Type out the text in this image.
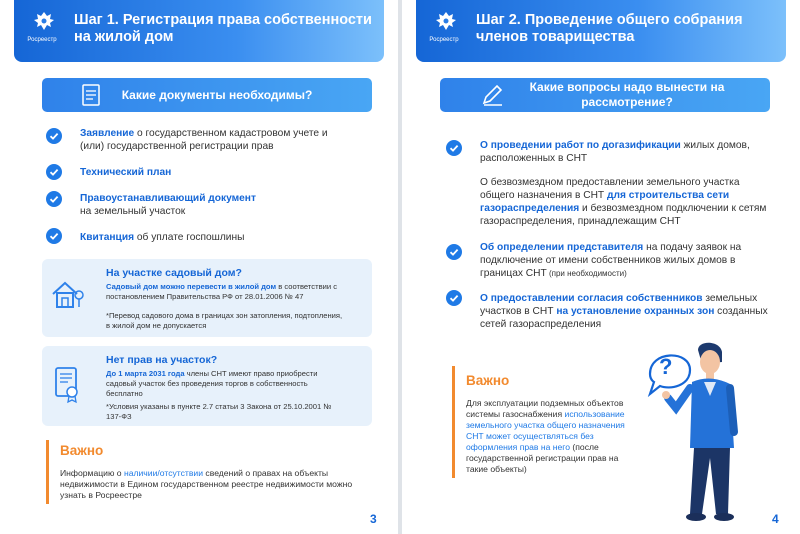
Росреестр
Шаг 1. Регистрация права собственности на жилой дом
Какие документы необходимы?
Заявление о государственном кадастровом учете и (или) государственной регистрации прав
Технический план
Правоустанавливающий документ
на земельный участок
Квитанция об уплате госпошлины
На участке садовый дом?
Садовый дом можно перевести в жилой дом в соответствии с постановлением Правительства РФ от 28.01.2006 № 47
*Перевод садового дома в границах зон затопления, подтопления, в жилой дом не допускается
Нет прав на участок?
До 1 марта 2031 года члены СНТ имеют право приобрести садовый участок без проведения торгов в собственность бесплатно
*Условия указаны в пункте 2.7 статьи 3 Закона от 25.10.2001 № 137-ФЗ
Важно
Информацию о наличии/отсутствии сведений о правах на объекты недвижимости в Едином государственном реестре недвижимости можно узнать в Росреестре
3
Росреестр
Шаг 2. Проведение общего собрания членов товарищества
Какие вопросы надо вынести на рассмотрение?
О проведении работ по догазификации жилых домов, расположенных в СНТ
О безвозмездном предоставлении земельного участка общего назначения в СНТ для строительства сети газораспределения и безвозмездном подключении к сетям газораспределения, принадлежащим СНТ
Об определении представителя на подачу заявок на подключение от имени собственников жилых домов в границах СНТ (при необходимости)
О предоставлении согласия собственников земельных участков в СНТ на установление охранных зон созданных сетей газораспределения
Важно
Для эксплуатации подземных объектов системы газоснабжения использование земельного участка общего назначения СНТ может осуществляться без оформления прав на него (после государственной регистрации прав на такие объекты)
?
4
